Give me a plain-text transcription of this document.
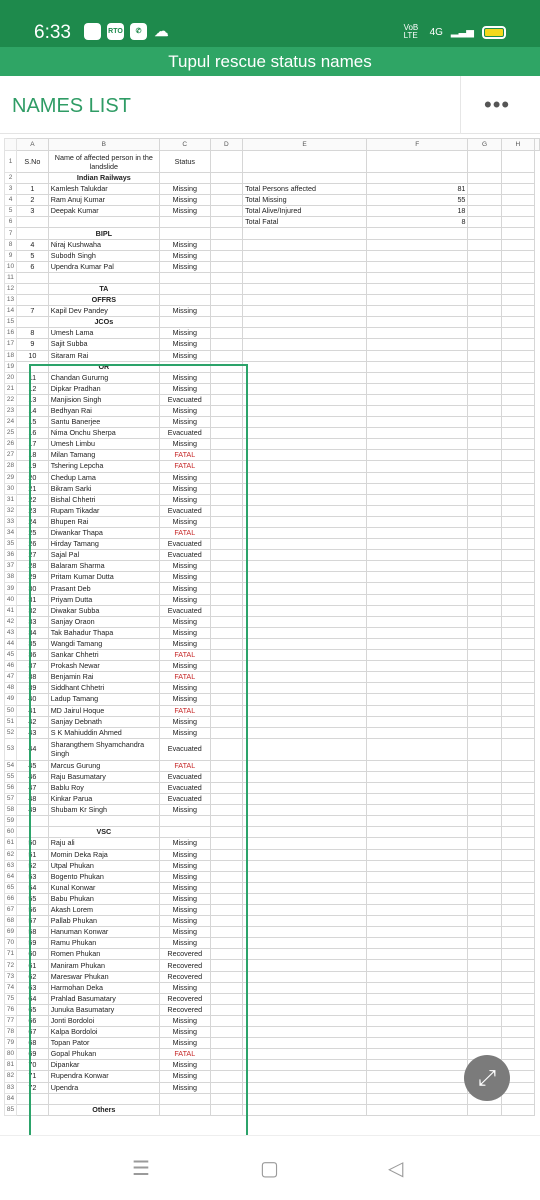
6:33	RTO	✆ ☁	VoB LTE	4G ▂▃▅
Tupul rescue status names
NAMES LIST	•••
	A	B	C	D	E	F	G	H	
1	S.No	Name of affected person in the landslide	Status						
2		Indian Railways							
3	1	Kamlesh Talukdar	Missing		Total Persons affected	81			
4	2	Ram Anuj Kumar	Missing		Total Missing	55			
5	3	Deepak Kumar	Missing		Total Alive/Injured	18			
6					Total Fatal	8			
7		BIPL							
8	4	Niraj Kushwaha	Missing						
9	5	Subodh Singh	Missing						
10	6	Upendra Kumar Pal	Missing						
11									
12		TA							
13		OFFRS							
14	7	Kapil Dev Pandey	Missing						
15		JCOs							
16	8	Umesh Lama	Missing						
17	9	Sajit Subba	Missing						
18	10	Sitaram Rai	Missing						
19		OR							
20	11	Chandan Gururng	Missing						
21	12	Dipkar Pradhan	Missing						
22	13	Manjision Singh	Evacuated						
23	14	Bedhyan Rai	Missing						
24	15	Santu Banerjee	Missing						
25	16	Nima Onchu Sherpa	Evacuated						
26	17	Umesh Limbu	Missing						
27	18	Milan Tamang	FATAL						
28	19	Tshering Lepcha	FATAL						
29	20	Chedup Lama	Missing						
30	21	Bikram Sarki	Missing						
31	22	Bishal Chhetri	Missing						
32	23	Rupam Tikadar	Evacuated						
33	24	Bhupen Rai	Missing						
34	25	Diwankar Thapa	FATAL						
35	26	Hirday Tamang	Evacuated						
36	27	Sajal Pal	Evacuated						
37	28	Balaram Sharma	Missing						
38	29	Pritam Kumar Dutta	Missing						
39	30	Prasant Deb	Missing						
40	31	Priyam Dutta	Missing						
41	32	Diwakar Subba	Evacuated						
42	33	Sanjay Oraon	Missing						
43	34	Tak Bahadur Thapa	Missing						
44	35	Wangdi Tamang	Missing						
45	36	Sankar Chhetri	FATAL						
46	37	Prokash Newar	Missing						
47	38	Benjamin Rai	FATAL						
48	39	Siddhant Chhetri	Missing						
49	40	Ladup Tamang	Missing						
50	41	MD Jairul Hoque	FATAL						
51	42	Sanjay Debnath	Missing						
52	43	S K Mahiuddin Ahmed	Missing						
53	44	Sharangthem Shyamchandra Singh	Evacuated						
54	45	Marcus Gurung	FATAL						
55	46	Raju Basumatary	Evacuated						
56	47	Bablu Roy	Evacuated						
57	48	Kinkar Parua	Evacuated						
58	49	Shubam Kr Singh	Missing						
59									
60		VSC							
61	50	Raju ali	Missing						
62	51	Momin Deka Raja	Missing						
63	52	Utpal Phukan	Missing						
64	53	Bogento Phukan	Missing						
65	54	Kunal Konwar	Missing						
66	55	Babu Phukan	Missing						
67	56	Akash Lorem	Missing						
68	57	Pallab Phukan	Missing						
69	58	Hanuman Konwar	Missing						
70	59	Ramu Phukan	Missing						
71	60	Romen Phukan	Recovered						
72	61	Maniram Phukan	Recovered						
73	62	Mareswar Phukan	Recovered						
74	63	Harmohan Deka	Missing						
75	64	Prahlad Basumatary	Recovered						
76	65	Junuka Basumatary	Recovered						
77	66	Jonti Bordoloi	Missing						
78	67	Kalpa Bordoloi	Missing						
79	68	Topan Pator	Missing						
80	69	Gopal Phukan	FATAL						
81	70	Dipankar	Missing						
82	71	Rupendra Konwar	Missing						
83	72	Upendra	Missing						
84									
85		Others							
⤢
☰	▢	◁
